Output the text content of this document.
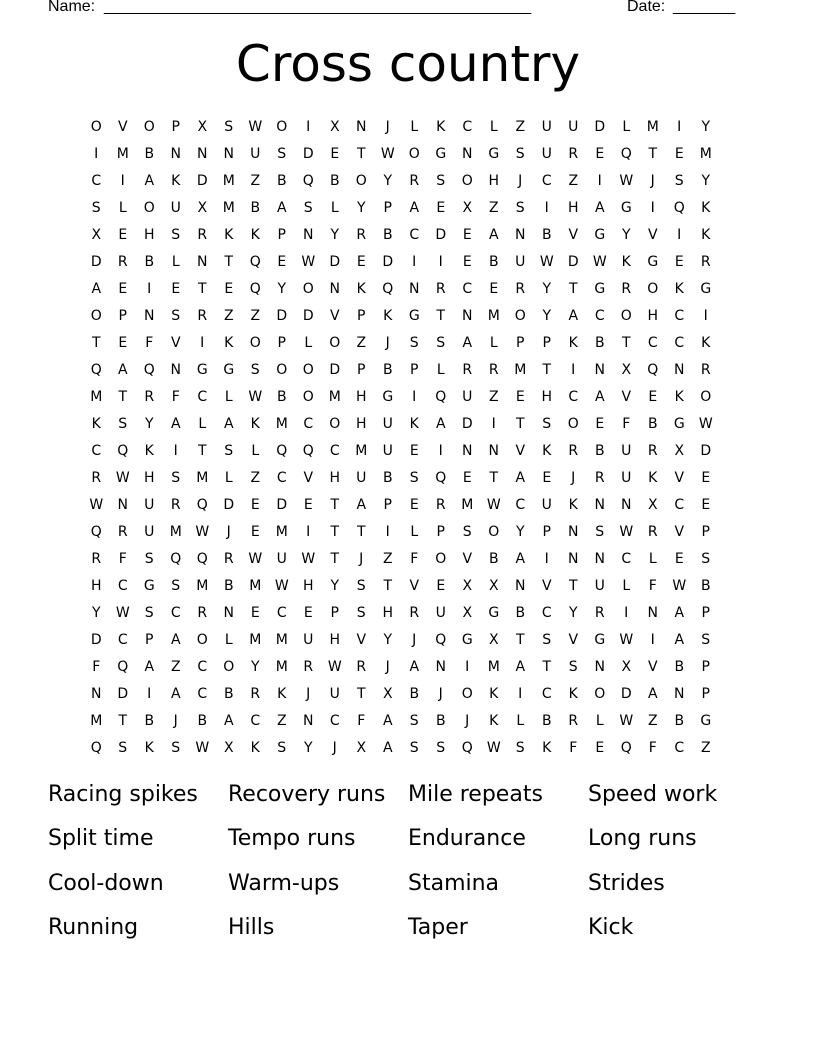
Name: ________________________________________________	Date: _______
Cross country
O	V	O	P	X	S	W	O	I	X	N	J	L	K	C	L	Z	U	U	D	L	M	I	Y
I	M	B	N	N	N	U	S	D	E	T	W	O	G	N	G	S	U	R	E	Q	T	E	M
C	I	A	K	D	M	Z	B	Q	B	O	Y	R	S	O	H	J	C	Z	I	W	J	S	Y
S	L	O	U	X	M	B	A	S	L	Y	P	A	E	X	Z	S	I	H	A	G	I	Q	K
X	E	H	S	R	K	K	P	N	Y	R	B	C	D	E	A	N	B	V	G	Y	V	I	K
D	R	B	L	N	T	Q	E	W	D	E	D	I	I	E	B	U	W	D	W	K	G	E	R
A	E	I	E	T	E	Q	Y	O	N	K	Q	N	R	C	E	R	Y	T	G	R	O	K	G
O	P	N	S	R	Z	Z	D	D	V	P	K	G	T	N	M	O	Y	A	C	O	H	C	I
T	E	F	V	I	K	O	P	L	O	Z	J	S	S	A	L	P	P	K	B	T	C	C	K
Q	A	Q	N	G	G	S	O	O	D	P	B	P	L	R	R	M	T	I	N	X	Q	N	R
M	T	R	F	C	L	W	B	O	M	H	G	I	Q	U	Z	E	H	C	A	V	E	K	O
K	S	Y	A	L	A	K	M	C	O	H	U	K	A	D	I	T	S	O	E	F	B	G	W
C	Q	K	I	T	S	L	Q	Q	C	M	U	E	I	N	N	V	K	R	B	U	R	X	D
R	W	H	S	M	L	Z	C	V	H	U	B	S	Q	E	T	A	E	J	R	U	K	V	E
W	N	U	R	Q	D	E	D	E	T	A	P	E	R	M W	C	U	K	N	N	X	C	E
Q	R	U	M W	J	E	M	I	T	T	I	L	P	S	O	Y	P	N	S	W	R	V	P
R	F	S	Q	Q	R	W	U	W	T	J	Z	F	O	V	B	A	I	N	N	C	L	E	S
H	C	G	S	M	B	M W	H	Y	S	T	V	E	X	X	N	V	T	U	L	F	W	B
Y	W	S	C	R	N	E	C	E	P	S	H	R	U	X	G	B	C	Y	R	I	N	A	P
D	C	P	A	O	L	M	M	U	H	V	Y	J	Q	G	X	T	S	V	G	W	I	A	S
F	Q	A	Z	C	O	Y	M	R	W	R	J	A	N	I	M	A	T	S	N	X	V	B	P
N	D	I	A	C	B	R	K	J	U	T	X	B	J	O	K	I	C	K	O	D	A	N	P
M	T	B	J	B	A	C	Z	N	C	F	A	S	B	J	K	L	B	R	L	W	Z	B	G
Q	S	K	S	W	X	K	S	Y	J	X	A	S	S	Q	W	S	K	F	E	Q	F	C	Z
Racing spikes	Recovery runs	Mile repeats	Speed work
Split time	Tempo runs	Endurance	Long runs
Cool-down	Warm-ups	Stamina	Strides
Running	Hills	Taper	Kick
